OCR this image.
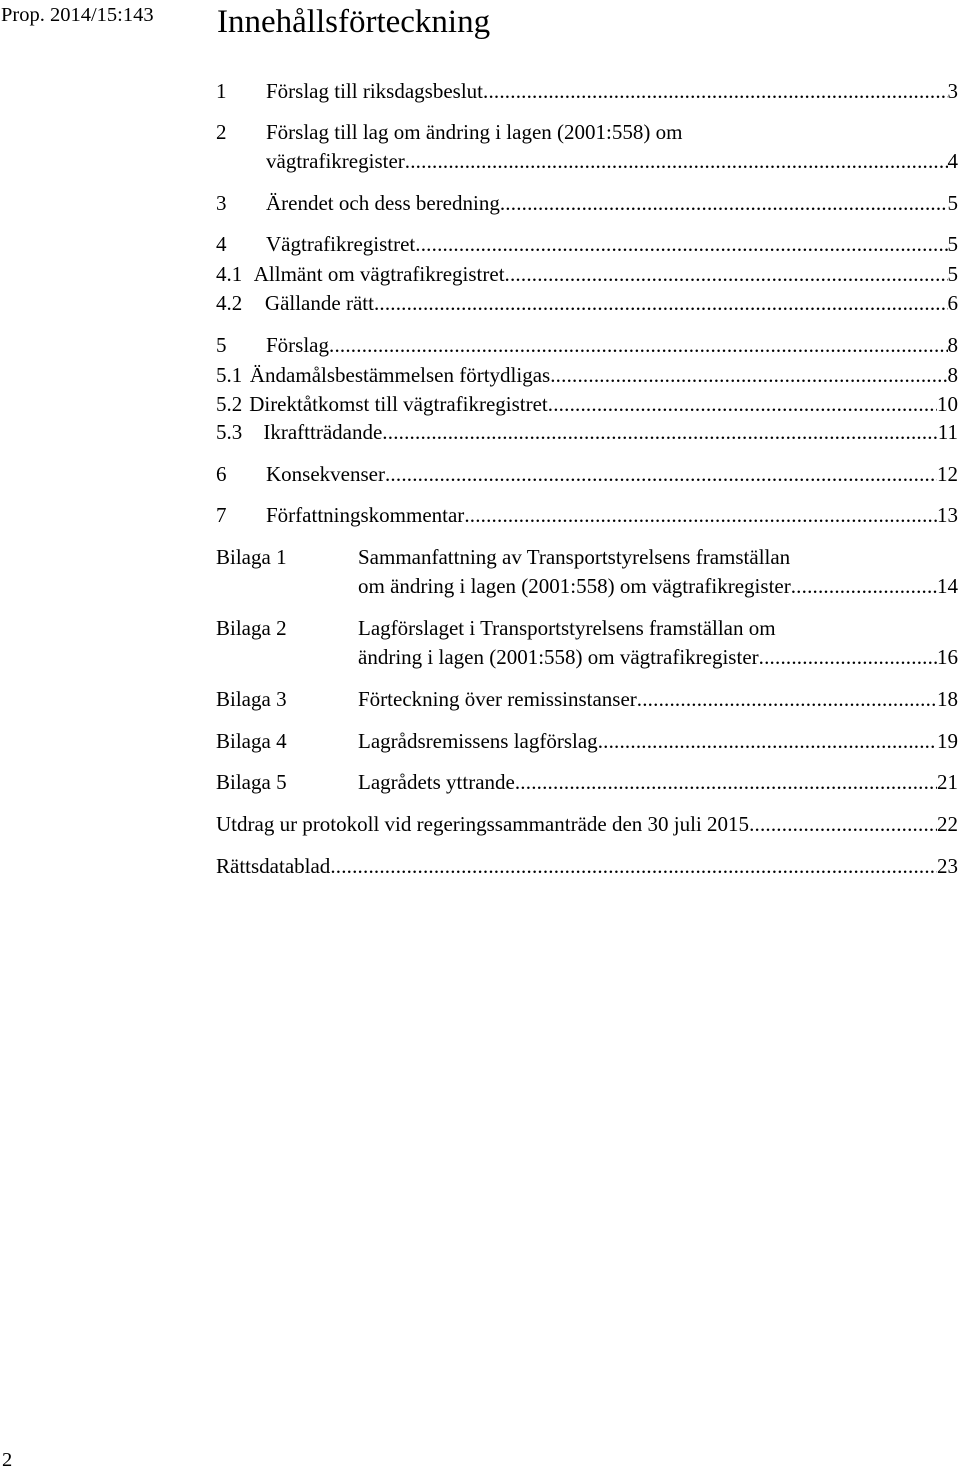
Prop. 2014/15:143 Innehållsförteckning
1	Förslag till riksdagsbeslut .....	3
2 Förslag till lag om ändring i lagen (2001:558) om
vägtrafikregister .....	4
3	Ärendet och dess beredning .....	5
4	Vägtrafikregistret .....	5
4.1 Allmänt om vägtrafikregistret .....	5
4.2	Gällande rätt .....	6
5	Förslag .....	8
5.1 Ändamålsbestämmelsen förtydligas .....	8
5.2 Direktåtkomst till vägtrafikregistret .....	10
5.3	Ikraftträdande .....	11
6	Konsekvenser .....	12
7	Författningskommentar .....	13
Bilaga 1	Sammanfattning av Transportstyrelsens framställan
om ändring i lagen (2001:558) om vägtrafikregister .....	14
Bilaga 2	Lagförslaget i Transportstyrelsens framställan om
ändring i lagen (2001:558) om vägtrafikregister .....	16
Bilaga 3	Förteckning över remissinstanser .....	18
Bilaga 4	Lagrådsremissens lagförslag .....	19
Bilaga 5	Lagrådets yttrande .....	21
Utdrag ur protokoll vid regeringssammanträde den 30 juli 2015 .....	22
Rättsdatablad .....	23
2
